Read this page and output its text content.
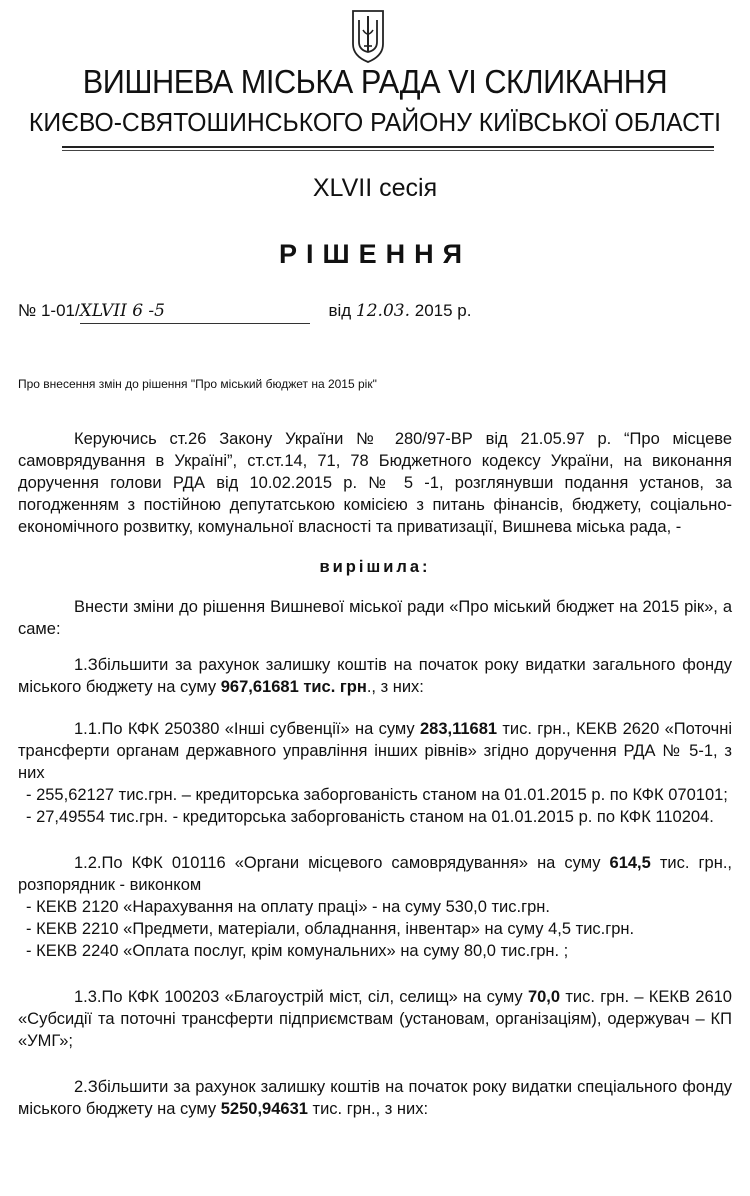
ВИШНЕВА МІСЬКА РАДА VI СКЛИКАННЯ
КИЄВО-СВЯТОШИНСЬКОГО РАЙОНУ КИЇВСЬКОЇ ОБЛАСТІ
XLVII сесія
РІШЕННЯ
№ 1-01/XLVII 6 -5	від 12.03. 2015 р.
Про внесення змін до рішення "Про міський бюджет на 2015 рік"

Керуючись ст.26 Закону України № 280/97-ВР від 21.05.97 р. “Про місцеве самоврядування в Україні”, ст.ст.14, 71, 78 Бюджетного кодексу України, на виконання доручення голови РДА від 10.02.2015 р. № 5 -1, розглянувши подання установ, за погодженням з постійною депутатською комісією з питань фінансів, бюджету, соціально-економічного розвитку, комунальної власності та приватизації, Вишнева міська рада, -

вирішила:

Внести зміни до рішення Вишневої міської ради «Про міський бюджет на 2015 рік», а саме:

1.Збільшити за рахунок залишку коштів на початок року видатки загального фонду міського бюджету на суму 967,61681 тис. грн., з них:

1.1.По КФК 250380 «Інші субвенції» на суму 283,11681 тис. грн., КЕКВ 2620 «Поточні трансферти органам державного управління інших рівнів» згідно доручення РДА № 5-1, з них

- 255,62127 тис.грн. – кредиторська заборгованість станом на 01.01.2015 р. по КФК 070101;

- 27,49554 тис.грн. - кредиторська заборгованість станом на 01.01.2015 р. по КФК 110204.

1.2.По КФК 010116 «Органи місцевого самоврядування» на суму 614,5 тис. грн., розпорядник - виконком

- КЕКВ 2120 «Нарахування на оплату праці» - на суму 530,0 тис.грн.

- КЕКВ 2210 «Предмети, матеріали, обладнання, інвентар» на суму 4,5 тис.грн.

- КЕКВ 2240 «Оплата послуг, крім комунальних» на суму 80,0 тис.грн. ;

1.3.По КФК 100203 «Благоустрій міст, сіл, селищ» на суму 70,0 тис. грн. – КЕКВ 2610 «Субсидії та поточні трансферти підприємствам (установам, організаціям), одержувач – КП «УМГ»;

2.Збільшити за рахунок залишку коштів на початок року видатки спеціального фонду міського бюджету на суму 5250,94631 тис. грн., з них:
